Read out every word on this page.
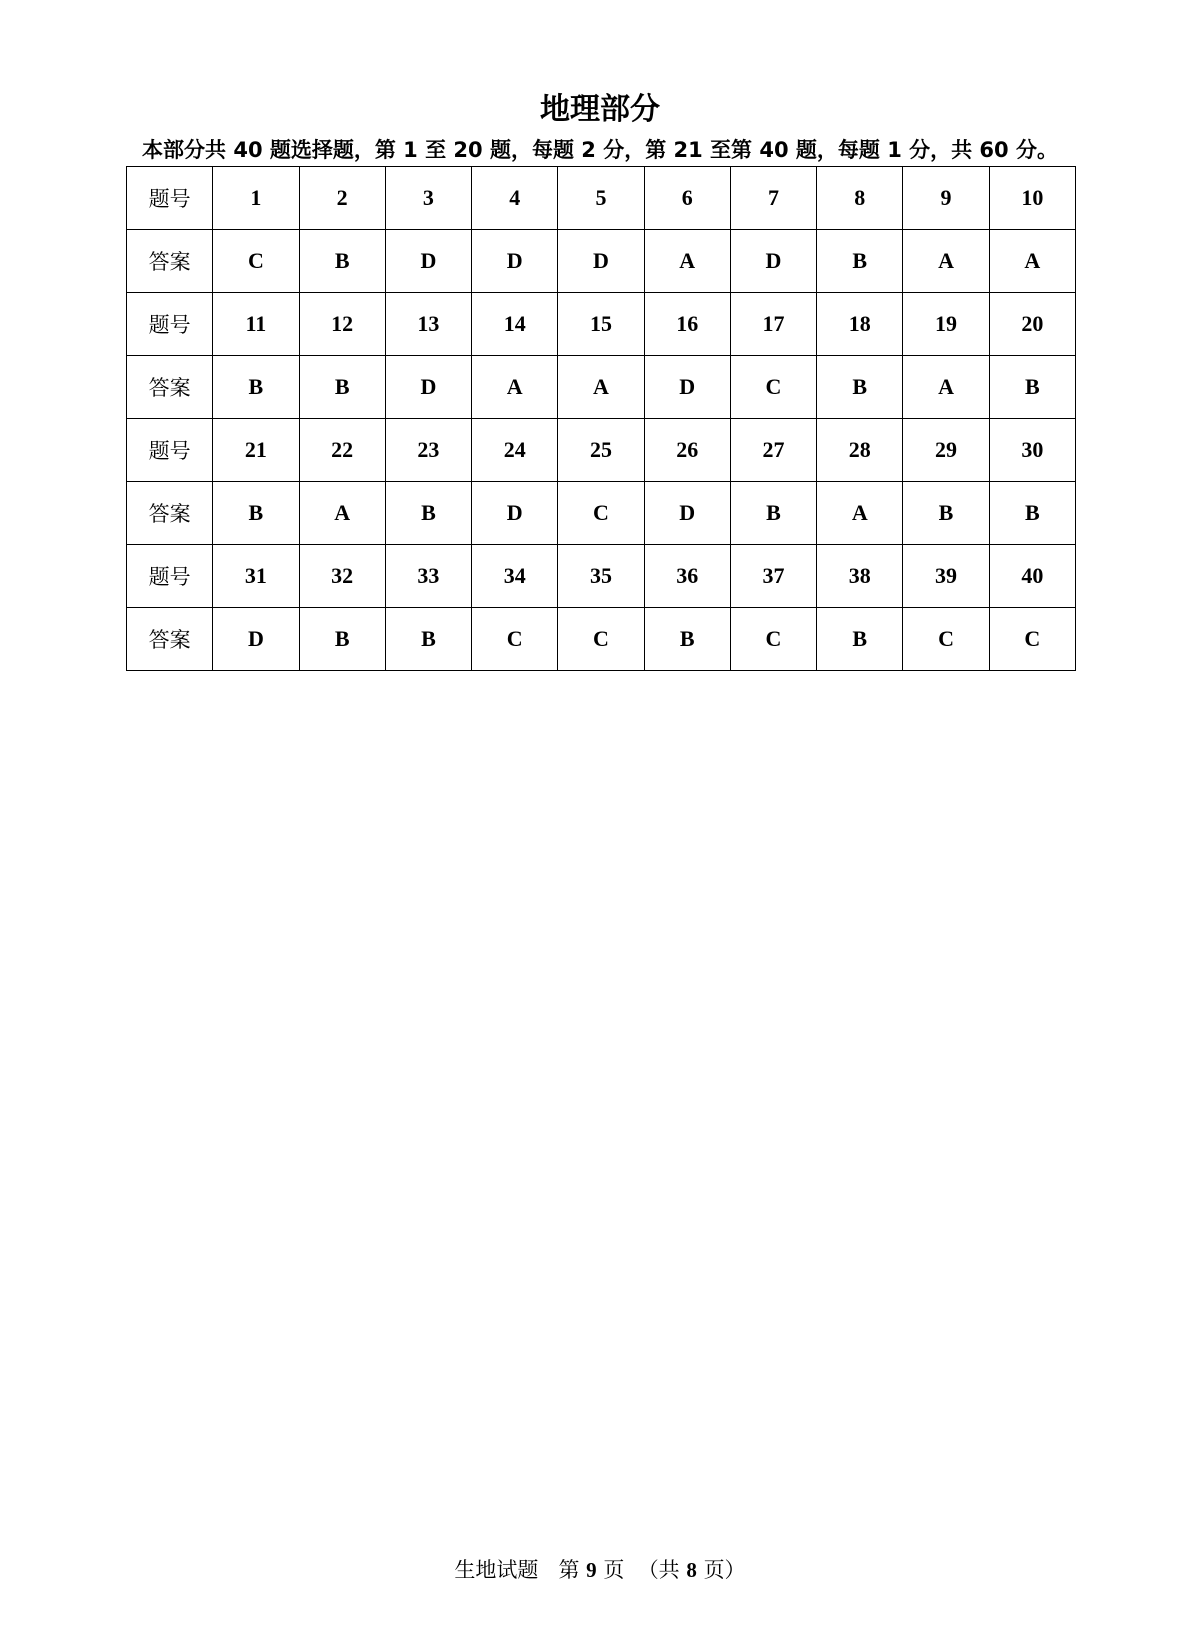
地理部分
本部分共 40 题选择题，第 1 至 20 题，每题 2 分，第 21 至第 40 题，每题 1 分，共 60 分。
题号	1	2	3	4	5	6	7	8	9	10
答案	C	B	D	D	D	A	D	B	A	A
题号	11	12	13	14	15	16	17	18	19	20
答案	B	B	D	A	A	D	C	B	A	B
题号	21	22	23	24	25	26	27	28	29	30
答案	B	A	B	D	C	D	B	A	B	B
题号	31	32	33	34	35	36	37	38	39	40
答案	D	B	B	C	C	B	C	B	C	C
生地试题 第 9 页 （共 8 页）
